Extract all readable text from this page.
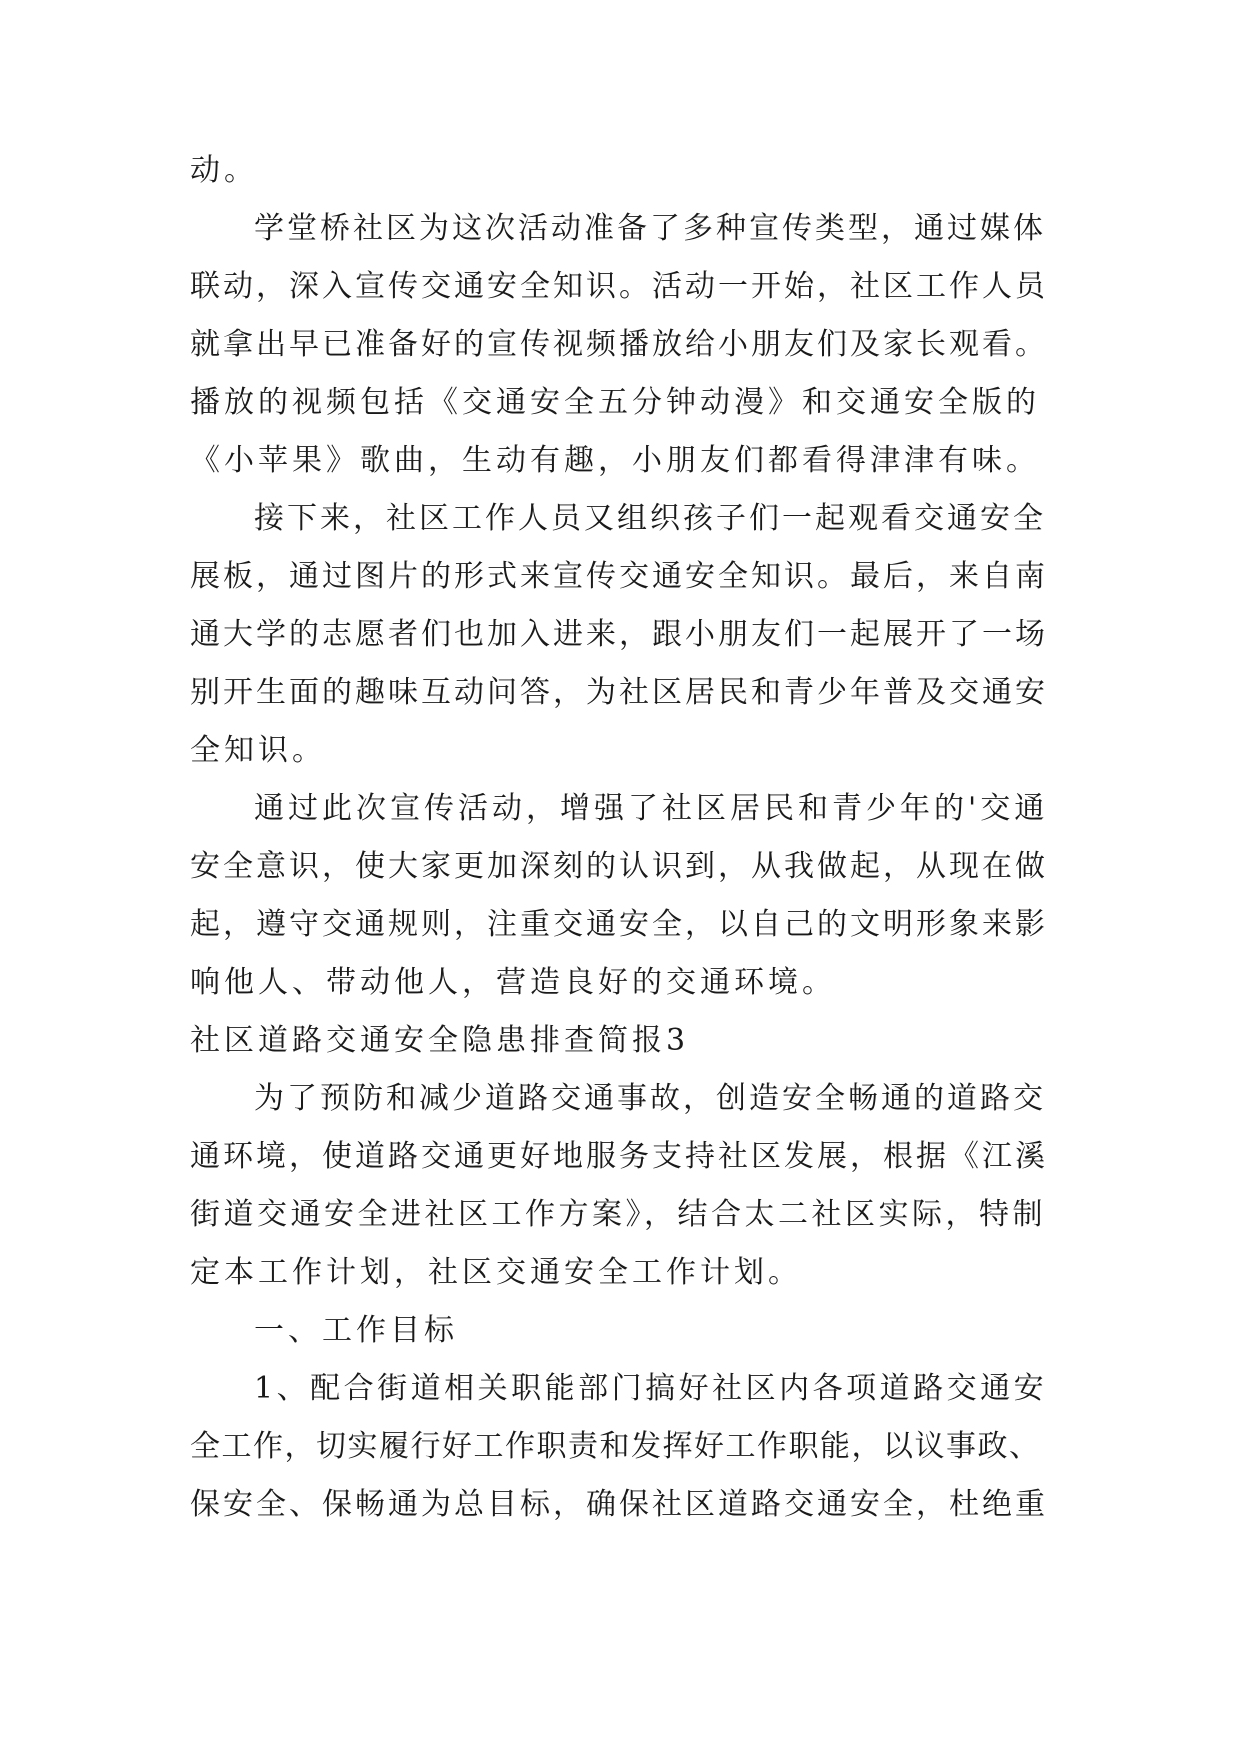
动。
学堂桥社区为这次活动准备了多种宣传类型，通过媒体
联动，深入宣传交通安全知识。活动一开始，社区工作人员
就拿出早已准备好的宣传视频播放给小朋友们及家长观看。
播放的视频包括《交通安全五分钟动漫》和交通安全版的
《小苹果》歌曲，生动有趣，小朋友们都看得津津有味。
接下来，社区工作人员又组织孩子们一起观看交通安全
展板，通过图片的形式来宣传交通安全知识。最后，来自南
通大学的志愿者们也加入进来，跟小朋友们一起展开了一场
别开生面的趣味互动问答，为社区居民和青少年普及交通安
全知识。
通过此次宣传活动，增强了社区居民和青少年的'交通
安全意识，使大家更加深刻的认识到，从我做起，从现在做
起，遵守交通规则，注重交通安全，以自己的文明形象来影
响他人、带动他人，营造良好的交通环境。
社区道路交通安全隐患排查简报3
为了预防和减少道路交通事故，创造安全畅通的道路交
通环境，使道路交通更好地服务支持社区发展，根据《江溪
街道交通安全进社区工作方案》，结合太二社区实际，特制
定本工作计划，社区交通安全工作计划。
一、工作目标
1、配合街道相关职能部门搞好社区内各项道路交通安
全工作，切实履行好工作职责和发挥好工作职能，以议事政、
保安全、保畅通为总目标，确保社区道路交通安全，杜绝重
